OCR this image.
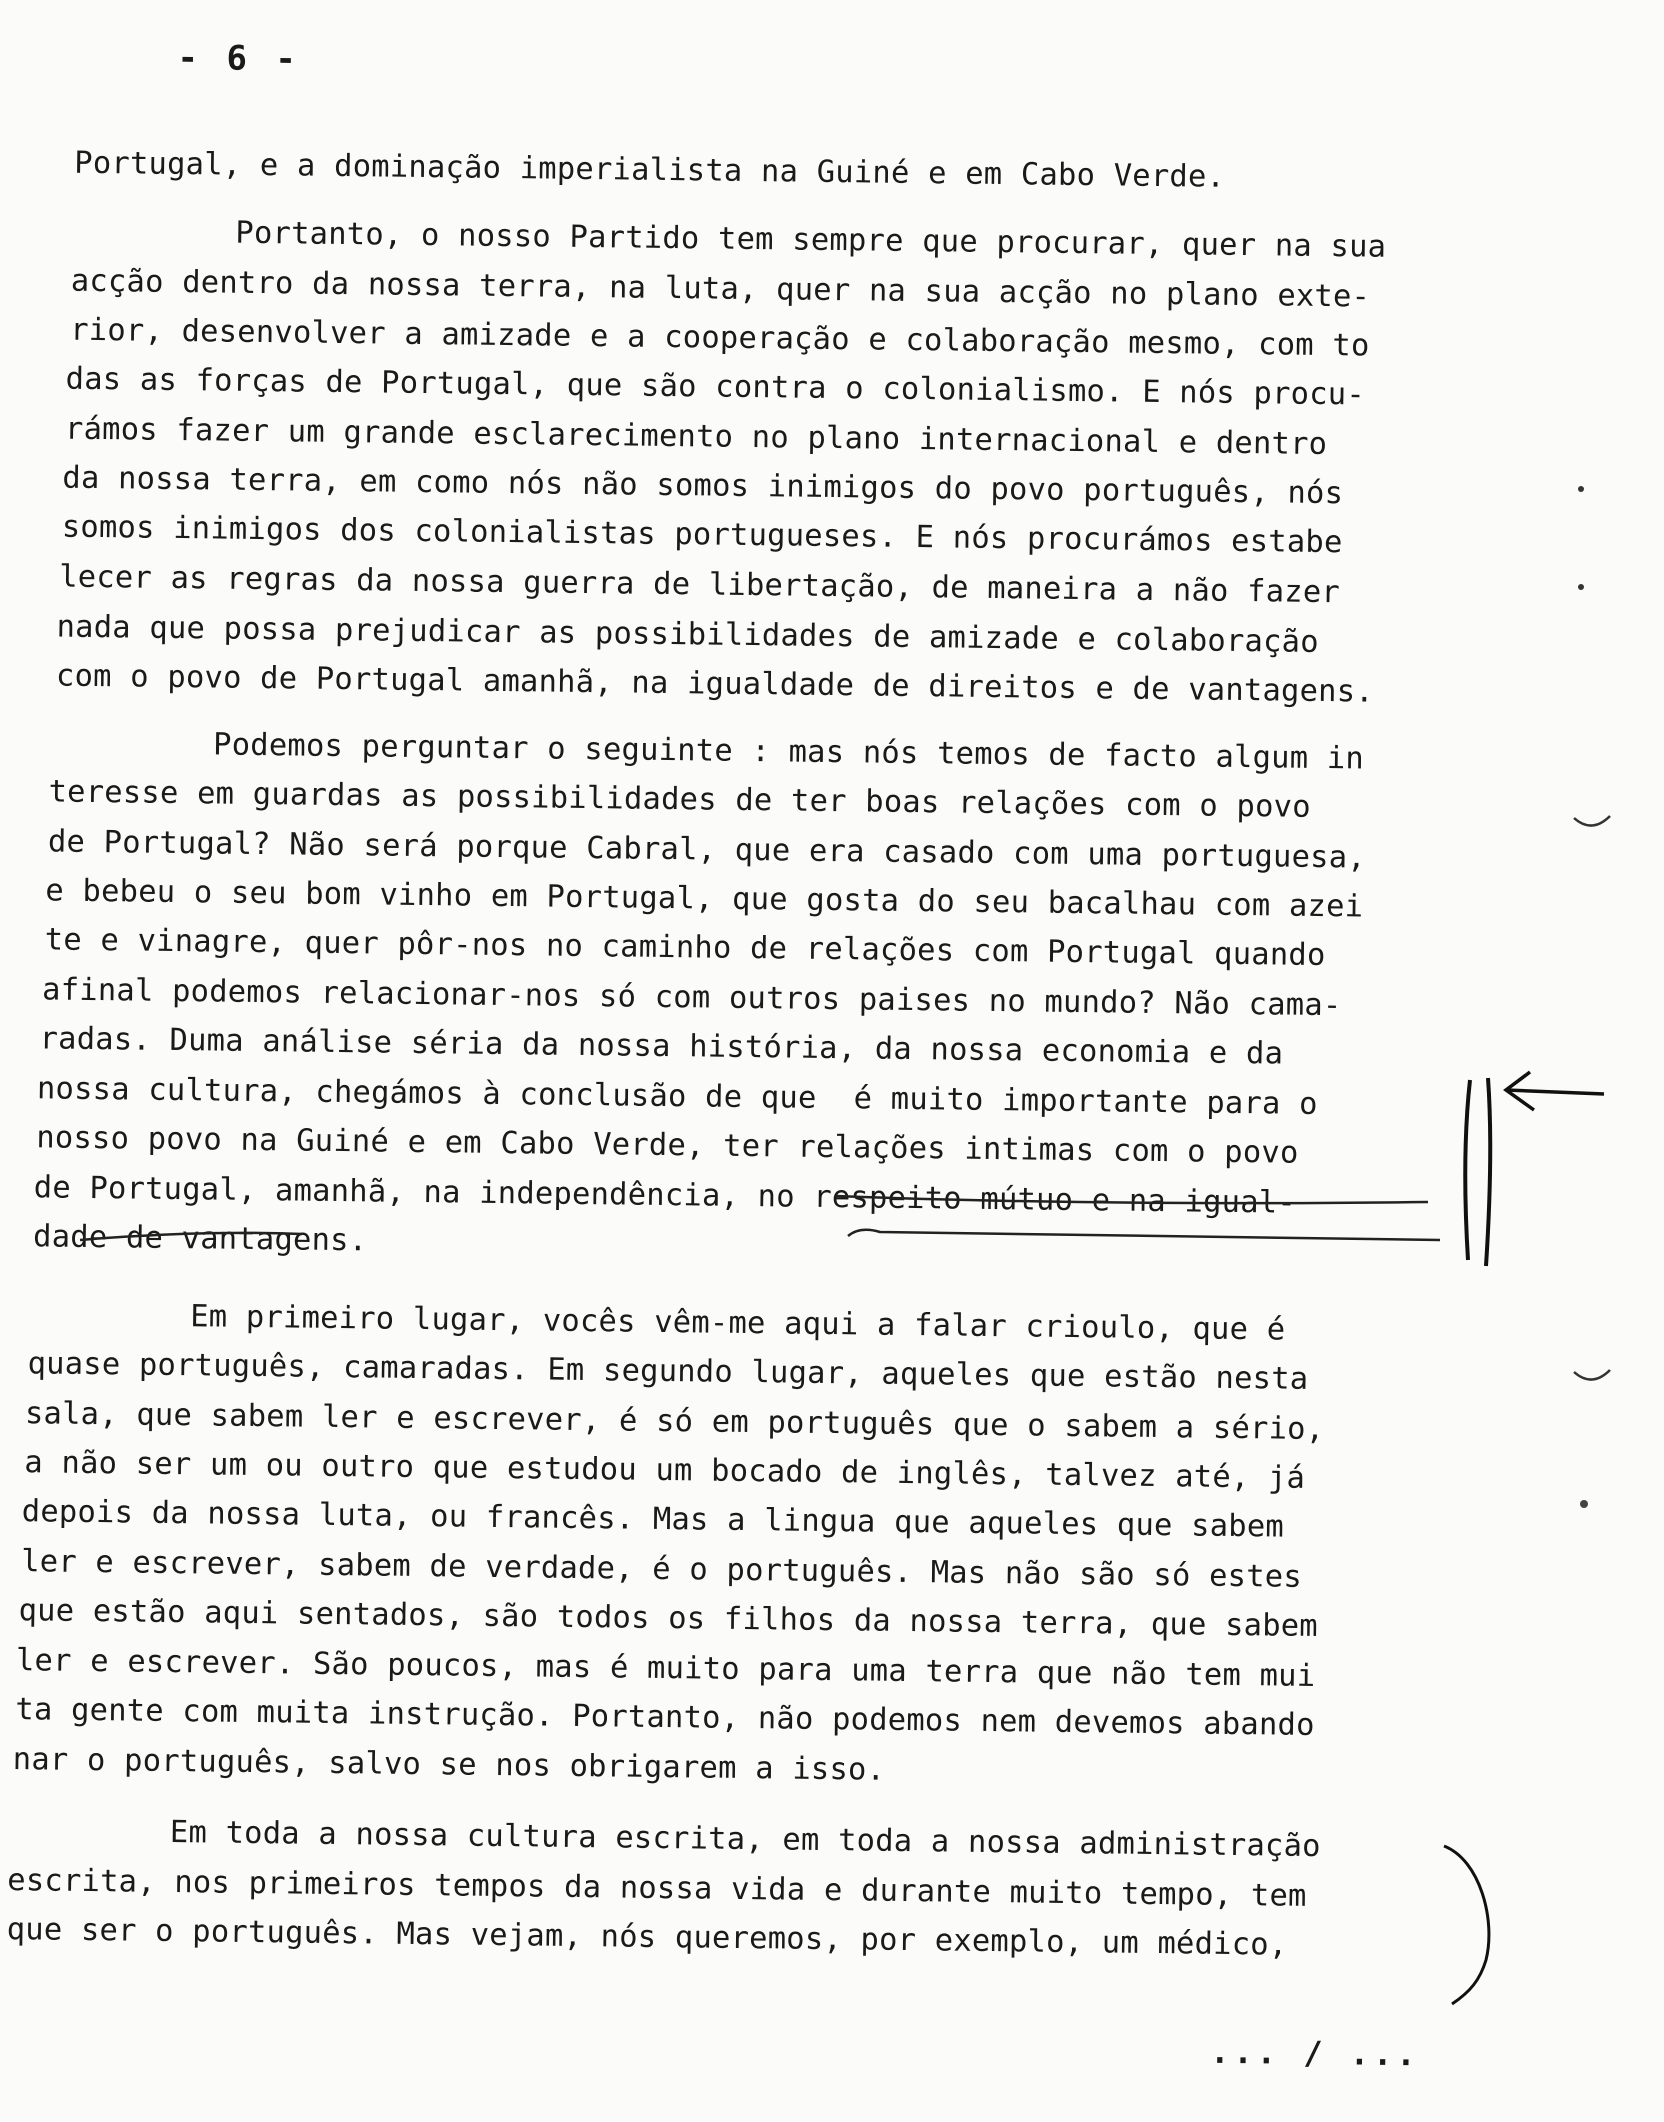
- 6 -
Portugal, e a dominação imperialista na Guiné e em Cabo Verde.
Portanto, o nosso Partido tem sempre que procurar, quer na sua
acção dentro da nossa terra, na luta, quer na sua acção no plano exte-
rior, desenvolver a amizade e a cooperação e colaboração mesmo, com to
das as forças de Portugal, que são contra o colonialismo. E nós procu-
rámos fazer um grande esclarecimento no plano internacional e dentro
da nossa terra, em como nós não somos inimigos do povo português, nós
somos inimigos dos colonialistas portugueses. E nós procurámos estabe
lecer as regras da nossa guerra de libertação, de maneira a não fazer
nada que possa prejudicar as possibilidades de amizade e colaboração
com o povo de Portugal amanhã, na igualdade de direitos e de vantagens.
Podemos perguntar o seguinte : mas nós temos de facto algum in
teresse em guardas as possibilidades de ter boas relações com o povo
de Portugal? Não será porque Cabral, que era casado com uma portuguesa,
e bebeu o seu bom vinho em Portugal, que gosta do seu bacalhau com azei
te e vinagre, quer pôr-nos no caminho de relações com Portugal quando
afinal podemos relacionar-nos só com outros paises no mundo? Não cama-
radas. Duma análise séria da nossa história, da nossa economia e da
nossa cultura, chegámos à conclusão de que  é muito importante para o
nosso povo na Guiné e em Cabo Verde, ter relações intimas com o povo
de Portugal, amanhã, na independência, no respeito mútuo e na igual-
dade de vantagens.
Em primeiro lugar, vocês vêm-me aqui a falar crioulo, que é
quase português, camaradas. Em segundo lugar, aqueles que estão nesta
sala, que sabem ler e escrever, é só em português que o sabem a sério,
a não ser um ou outro que estudou um bocado de inglês, talvez até, já
depois da nossa luta, ou francês. Mas a lingua que aqueles que sabem
ler e escrever, sabem de verdade, é o português. Mas não são só estes
que estão aqui sentados, são todos os filhos da nossa terra, que sabem
ler e escrever. São poucos, mas é muito para uma terra que não tem mui
ta gente com muita instrução. Portanto, não podemos nem devemos abando
nar o português, salvo se nos obrigarem a isso.
Em toda a nossa cultura escrita, em toda a nossa administração
escrita, nos primeiros tempos da nossa vida e durante muito tempo, tem
que ser o português. Mas vejam, nós queremos, por exemplo, um médico,
... / ...
